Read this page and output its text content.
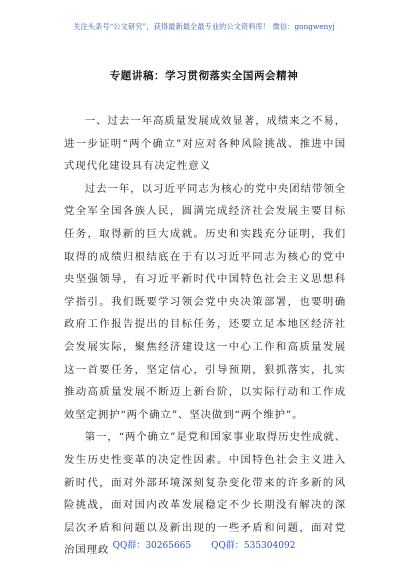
关注头条号“公文研究”，获得最新最全最专业的公文资料库！ 微信：gongwenyj
专题讲稿：学习贯彻落实全国两会精神

一、过去一年高质量发展成效显著，成绩来之不易，进一步证明“两个确立”对应对各种风险挑战、推进中国式现代化建设具有决定性意义

过去一年，以习近平同志为核心的党中央团结带领全党全军全国各族人民，圆满完成经济社会发展主要目标任务，取得新的巨大成就。历史和实践充分证明，我们取得的成绩归根结底在于有以习近平同志为核心的党中央坚强领导，有习近平新时代中国特色社会主义思想科学指引。我们既要学习领会党中央决策部署，也要明确政府工作报告提出的目标任务，还要立足本地区经济社会发展实际，聚焦经济建设这一中心工作和高质量发展这一首要任务，坚定信心，引导预期，狠抓落实，扎实推动高质量发展不断迈上新台阶，以实际行动和工作成效坚定拥护“两个确立”、坚决做到“两个维护”。

第一，“两个确立”是党和国家事业取得历史性成就、发生历史性变革的决定性因素。中国特色社会主义进入新时代，面对外部环境深刻复杂变化带来的许多新的风险挑战，面对国内改革发展稳定不少长期没有解决的深层次矛盾和问题以及新出现的一些矛盾和问题，面对党治国理政 QQ群：30265665 QQ群：535304092
